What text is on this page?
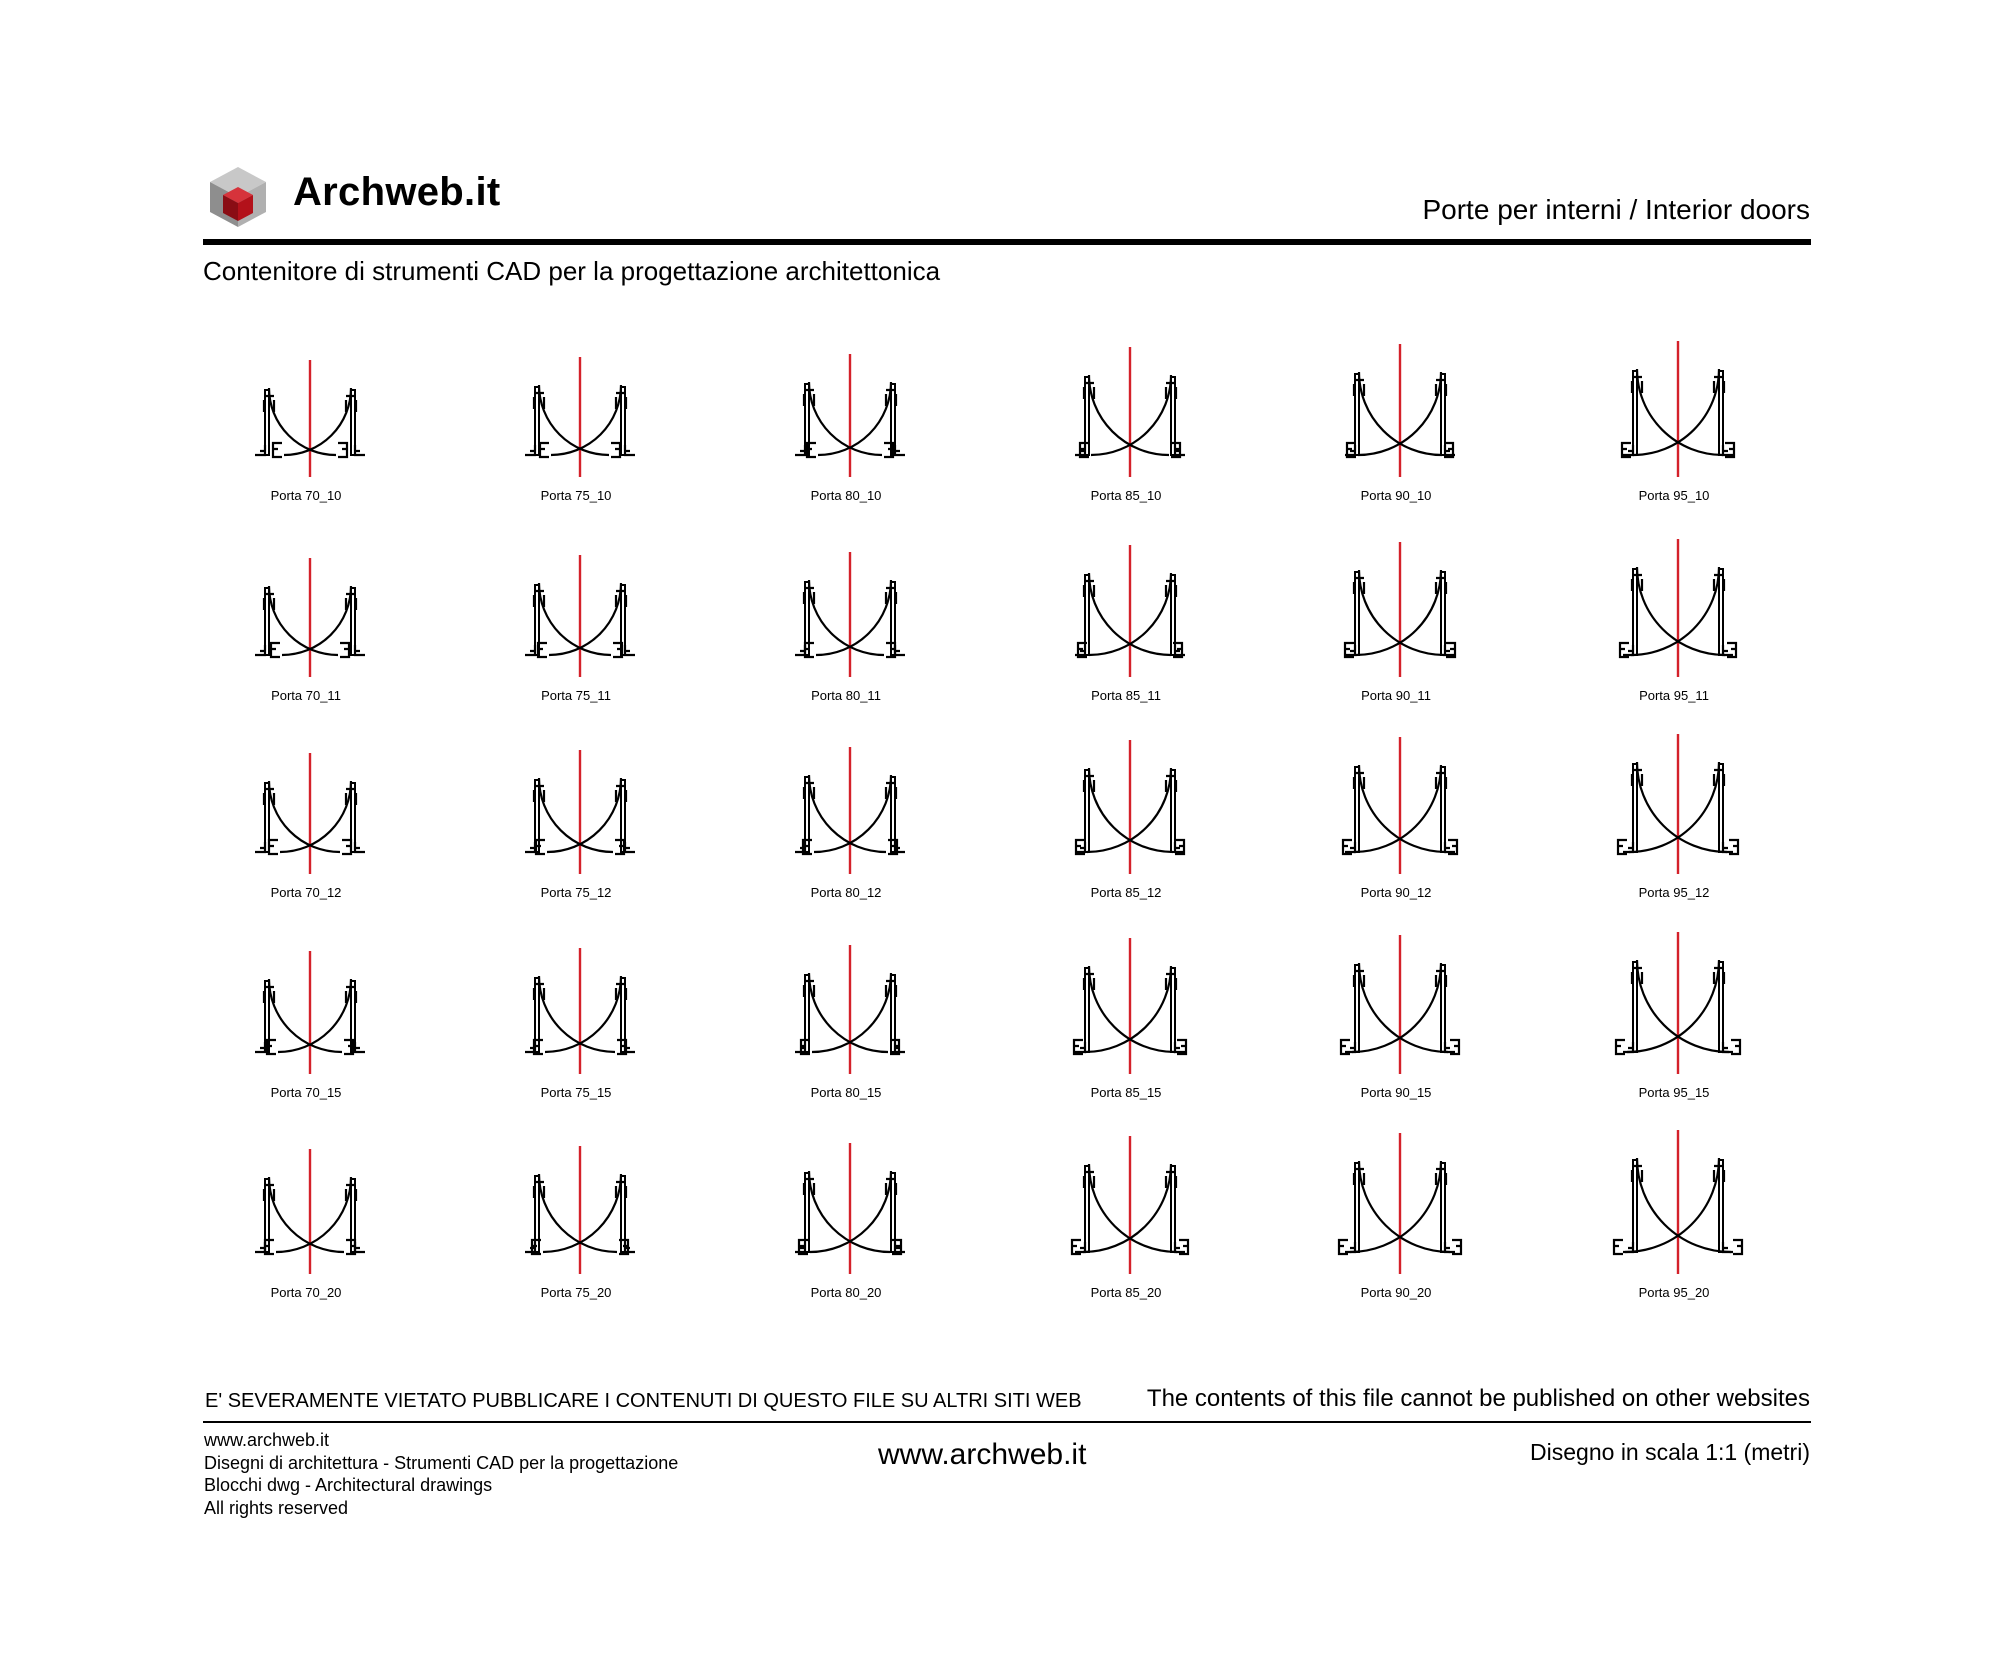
Archweb.it	Porte per interni / Interior doors
Contenitore di strumenti CAD per la progettazione architettonica
Porta 70_10	Porta 75_10	Porta 80_10	Porta 85_10	Porta 90_10	Porta 95_10
Porta 70_11	Porta 75_11	Porta 80_11	Porta 85_11	Porta 90_11	Porta 95_11
Porta 70_12	Porta 75_12	Porta 80_12	Porta 85_12	Porta 90_12	Porta 95_12
Porta 70_15	Porta 75_15	Porta 80_15	Porta 85_15	Porta 90_15	Porta 95_15
Porta 70_20	Porta 75_20	Porta 80_20	Porta 85_20	Porta 90_20	Porta 95_20
E' SEVERAMENTE VIETATO PUBBLICARE I CONTENUTI DI QUESTO FILE SU ALTRI SITI WEB	The contents of this file cannot be published on other websites
www.archweb.it
Disegni di architettura - Strumenti CAD per la progettazione
Blocchi dwg - Architectural drawings
All rights reserved
www.archweb.it	Disegno in scala 1:1 (metri)
